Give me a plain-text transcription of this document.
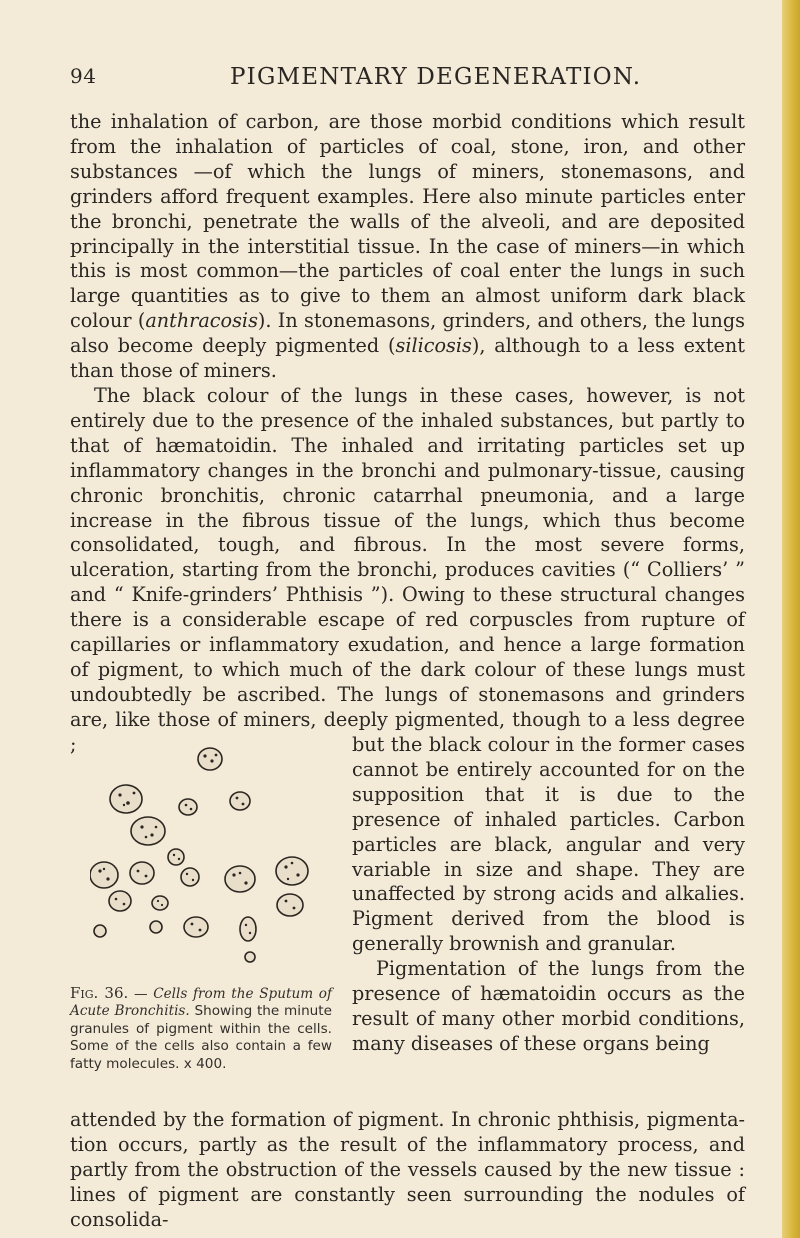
94	PIGMENTARY DEGENERATION.

the inhalation of carbon, are those morbid conditions which result from the inhalation of particles of coal, stone, iron, and other substances —of which the lungs of miners, stonemasons, and grinders afford frequent examples. Here also minute particles enter the bronchi, penetrate the walls of the alveoli, and are deposited principally in the interstitial tissue. In the case of miners—in which this is most common—the particles of coal enter the lungs in such large quantities as to give to them an almost uniform dark black colour (anthracosis). In stonemasons, grinders, and others, the lungs also become deeply pigmented (silicosis), although to a less extent than those of miners.

The black colour of the lungs in these cases, however, is not entirely due to the presence of the inhaled substances, but partly to that of hæmatoidin. The inhaled and irritating particles set up inflammatory changes in the bronchi and pulmonary-tissue, causing chronic bronchitis, chronic catarrhal pneumonia, and a large increase in the fibrous tissue of the lungs, which thus become consolidated, tough, and fibrous. In the most severe forms, ulceration, starting from the bronchi, produces cavities (“ Colliers’ ” and “ Knife-grinders’ Phthisis ”). Owing to these structural changes there is a considerable escape of red corpuscles from rupture of capillaries or inflammatory exudation, and hence a large formation of pigment, to which much of the dark colour of these lungs must undoubtedly be ascribed. The lungs of stonemasons and grinders are, like those of miners, deeply pigmented, though to a less degree ;

Fig. 36. — Cells from the Sputum of Acute Bronchitis. Showing the minute granules of pigment within the cells. Some of the cells also contain a few fatty molecules. x 400.

but the black colour in the former cases cannot be entirely accounted for on the supposition that it is due to the presence of inhaled particles. Carbon particles are black, angular and very variable in size and shape. They are unaffected by strong acids and alkalies. Pigment derived from the blood is generally brownish and granular.

Pigmentation of the lungs from the presence of hæmatoidin occurs as the result of many other morbid conditions, many diseases of these organs being

attended by the formation of pigment. In chronic phthisis, pigmentation occurs, partly as the result of the inflammatory process, and partly from the obstruction of the vessels caused by the new tissue : lines of pigment are constantly seen surrounding the nodules of consolida-
